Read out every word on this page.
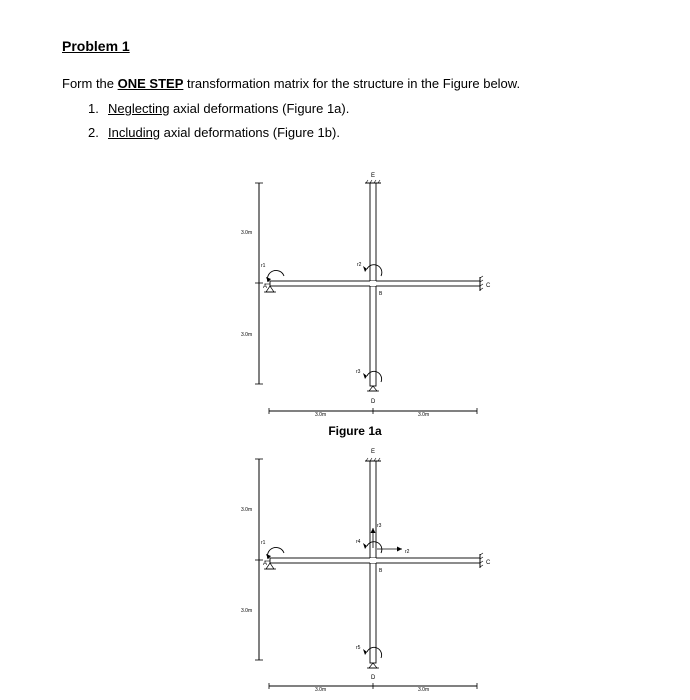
Problem 1

Form the ONE STEP transformation matrix for the structure in the Figure below.

1. Neglecting axial deformations (Figure 1a).

2. Including axial deformations (Figure 1b).

3.0m
3.0m
E
C
A
D
B
r1	r2
r3
3.0m	3.0m

Figure 1a

3.0m
3.0m
E
C
A
D
B
r1
r2
r3
r4
r5
3.0m	3.0m
